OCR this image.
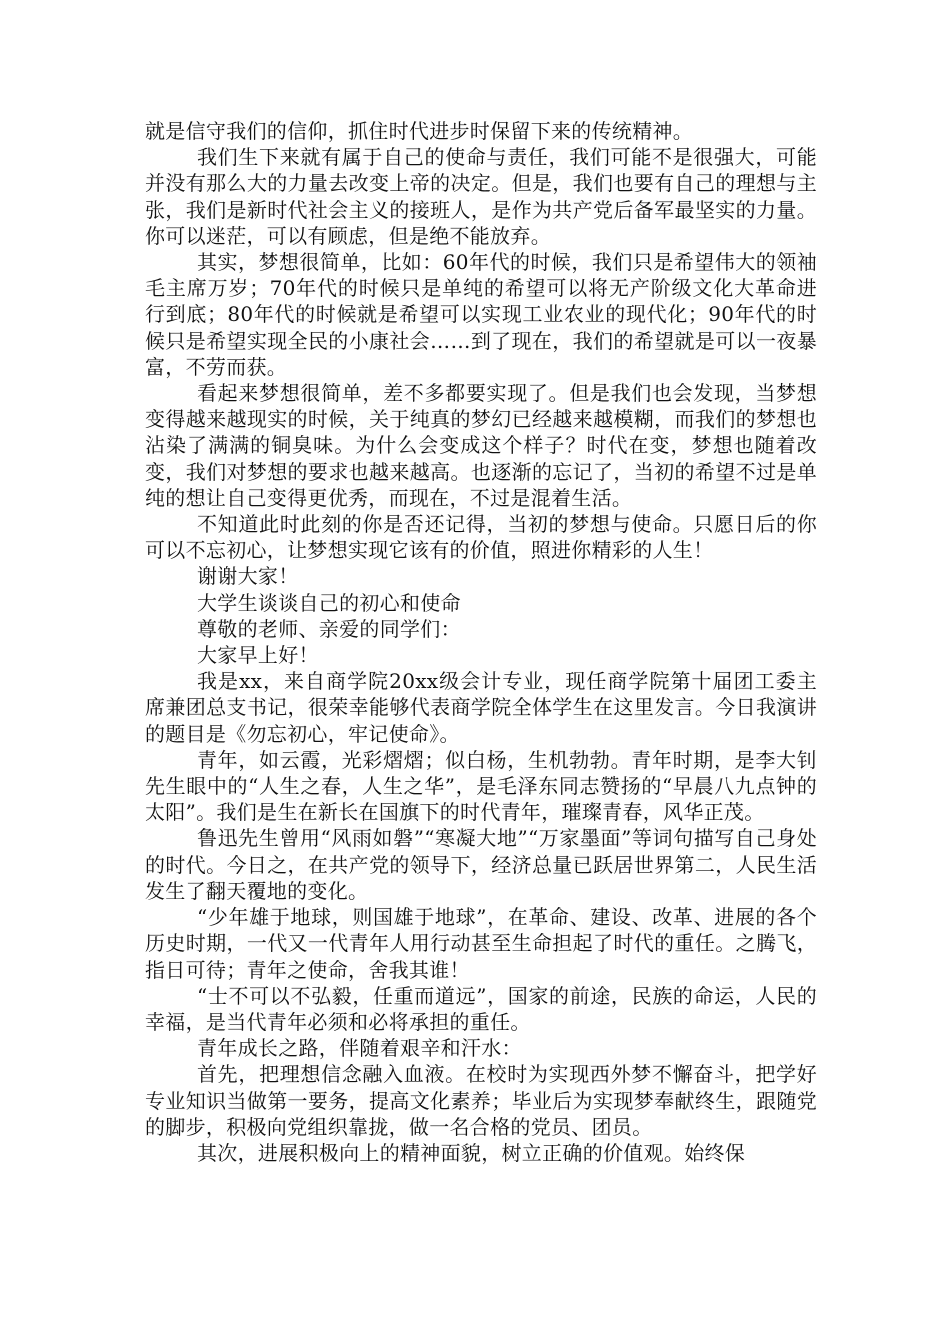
就是信守我们的信仰，抓住时代进步时保留下来的传统精神。

我们生下来就有属于自己的使命与责任，我们可能不是很强大，可能并没有那么大的力量去改变上帝的决定。但是，我们也要有自己的理想与主张，我们是新时代社会主义的接班人，是作为共产党后备军最坚实的力量。你可以迷茫，可以有顾虑，但是绝不能放弃。

其实，梦想很简单，比如：60年代的时候，我们只是希望伟大的领袖毛主席万岁；70年代的时候只是单纯的希望可以将无产阶级文化大革命进行到底；80年代的时候就是希望可以实现工业农业的现代化；90年代的时候只是希望实现全民的小康社会……到了现在，我们的希望就是可以一夜暴富，不劳而获。

看起来梦想很简单，差不多都要实现了。但是我们也会发现，当梦想变得越来越现实的时候，关于纯真的梦幻已经越来越模糊，而我们的梦想也沾染了满满的铜臭味。为什么会变成这个样子？时代在变，梦想也随着改变，我们对梦想的要求也越来越高。也逐渐的忘记了，当初的希望不过是单纯的想让自己变得更优秀，而现在，不过是混着生活。

不知道此时此刻的你是否还记得，当初的梦想与使命。只愿日后的你可以不忘初心，让梦想实现它该有的价值，照进你精彩的人生！

谢谢大家！

大学生谈谈自己的初心和使命

尊敬的老师、亲爱的同学们：

大家早上好！

我是xx，来自商学院20xx级会计专业，现任商学院第十届团工委主席兼团总支书记，很荣幸能够代表商学院全体学生在这里发言。今日我演讲的题目是《勿忘初心，牢记使命》。

青年，如云霞，光彩熠熠；似白杨，生机勃勃。青年时期，是李大钊先生眼中的“人生之春，人生之华”，是毛泽东同志赞扬的“早晨八九点钟的太阳”。我们是生在新长在国旗下的时代青年，璀璨青春，风华正茂。

鲁迅先生曾用“风雨如磐”“寒凝大地”“万家墨面”等词句描写自己身处的时代。今日之，在共产党的领导下，经济总量已跃居世界第二，人民生活发生了翻天覆地的变化。

“少年雄于地球，则国雄于地球”，在革命、建设、改革、进展的各个历史时期，一代又一代青年人用行动甚至生命担起了时代的重任。之腾飞，指日可待；青年之使命，舍我其谁！

“士不可以不弘毅，任重而道远”，国家的前途，民族的命运，人民的幸福，是当代青年必须和必将承担的重任。

青年成长之路，伴随着艰辛和汗水：

首先，把理想信念融入血液。在校时为实现西外梦不懈奋斗，把学好专业知识当做第一要务，提高文化素养；毕业后为实现梦奉献终生，跟随党的脚步，积极向党组织靠拢，做一名合格的党员、团员。

其次，进展积极向上的精神面貌，树立正确的价值观。始终保
